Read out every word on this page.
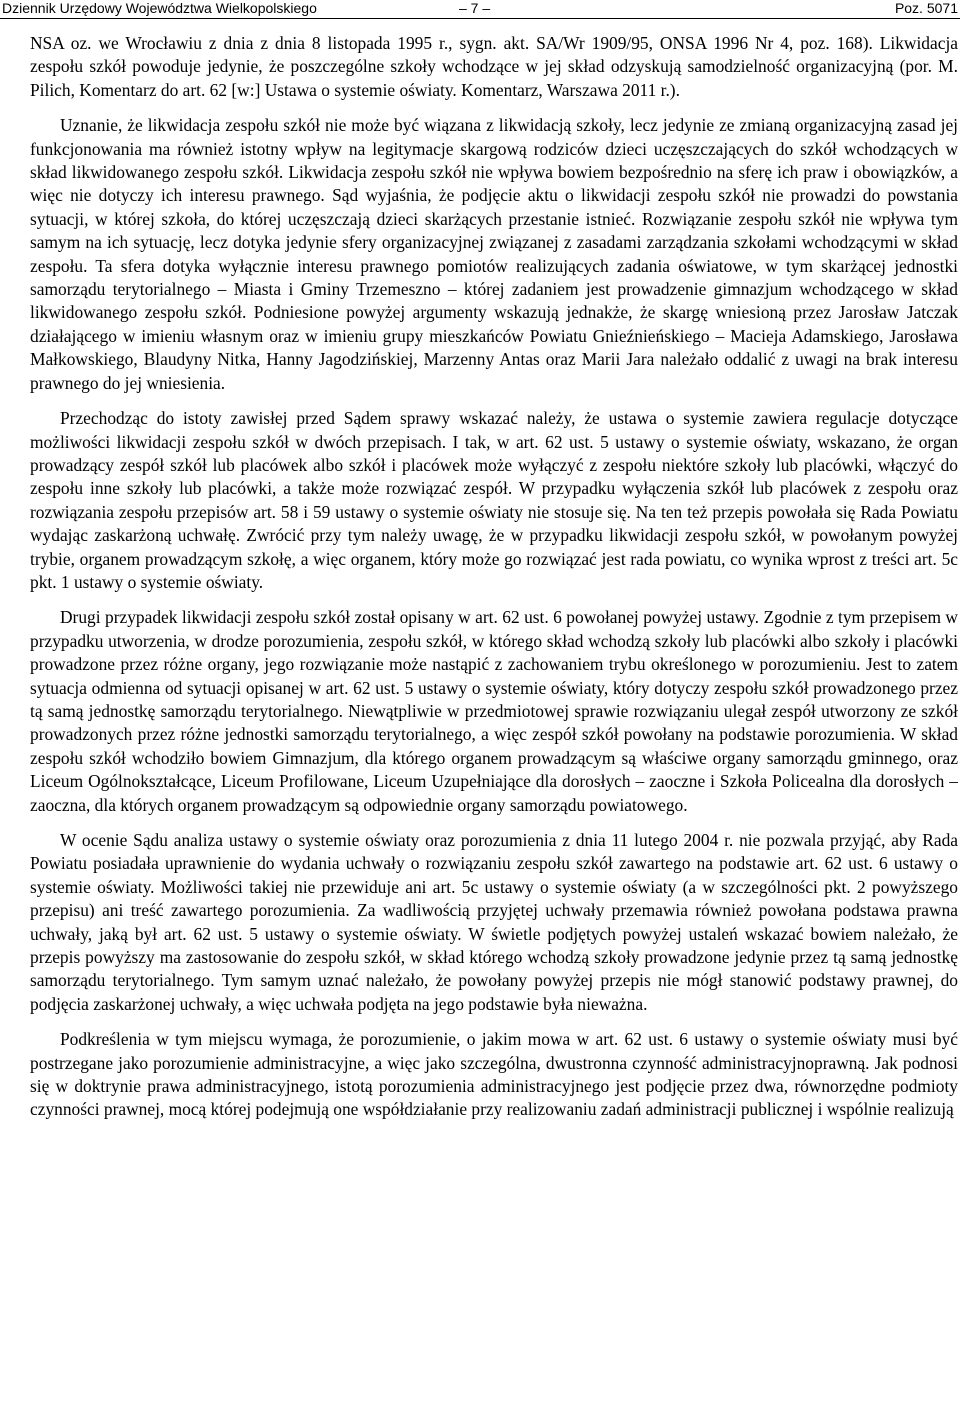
Dziennik Urzędowy Województwa Wielkopolskiego	– 7 –	Poz. 5071

NSA oz. we Wrocławiu z dnia z dnia 8 listopada 1995 r., sygn. akt. SA/Wr 1909/95, ONSA 1996 Nr 4, poz. 168). Likwidacja zespołu szkół powoduje jedynie, że poszczególne szkoły wchodzące w jej skład odzyskują samodzielność organizacyjną (por. M. Pilich, Komentarz do art. 62 [w:] Ustawa o systemie oświaty. Komentarz, Warszawa 2011 r.).

Uznanie, że likwidacja zespołu szkół nie może być wiązana z likwidacją szkoły, lecz jedynie ze zmianą organizacyjną zasad jej funkcjonowania ma również istotny wpływ na legitymacje skargową rodziców dzieci uczęszczających do szkół wchodzących w skład likwidowanego zespołu szkół. Likwidacja zespołu szkół nie wpływa bowiem bezpośrednio na sferę ich praw i obowiązków, a więc nie dotyczy ich interesu prawnego. Sąd wyjaśnia, że podjęcie aktu o likwidacji zespołu szkół nie prowadzi do powstania sytuacji, w której szkoła, do której uczęszczają dzieci skarżących przestanie istnieć. Rozwiązanie zespołu szkół nie wpływa tym samym na ich sytuację, lecz dotyka jedynie sfery organizacyjnej związanej z zasadami zarządzania szkołami wchodzącymi w skład zespołu. Ta sfera dotyka wyłącznie interesu prawnego pomiotów realizujących zadania oświatowe, w tym skarżącej jednostki samorządu terytorialnego – Miasta i Gminy Trzemeszno – której zadaniem jest prowadzenie gimnazjum wchodzącego w skład likwidowanego zespołu szkół. Podniesione powyżej argumenty wskazują jednakże, że skargę wniesioną przez Jarosław Jatczak działającego w imieniu własnym oraz w imieniu grupy mieszkańców Powiatu Gnieźnieńskiego – Macieja Adamskiego, Jarosława Małkowskiego, Blaudyny Nitka, Hanny Jagodzińskiej, Marzenny Antas oraz Marii Jara należało oddalić z uwagi na brak interesu prawnego do jej wniesienia.

Przechodząc do istoty zawisłej przed Sądem sprawy wskazać należy, że ustawa o systemie zawiera regulacje dotyczące możliwości likwidacji zespołu szkół w dwóch przepisach. I tak, w art. 62 ust. 5 ustawy o systemie oświaty, wskazano, że organ prowadzący zespół szkół lub placówek albo szkół i placówek może wyłączyć z zespołu niektóre szkoły lub placówki, włączyć do zespołu inne szkoły lub placówki, a także może rozwiązać zespół. W przypadku wyłączenia szkół lub placówek z zespołu oraz rozwiązania zespołu przepisów art. 58 i 59 ustawy o systemie oświaty nie stosuje się. Na ten też przepis powołała się Rada Powiatu wydając zaskarżoną uchwałę. Zwrócić przy tym należy uwagę, że w przypadku likwidacji zespołu szkół, w powołanym powyżej trybie, organem prowadzącym szkołę, a więc organem, który może go rozwiązać jest rada powiatu, co wynika wprost z treści art. 5c pkt. 1 ustawy o systemie oświaty.

Drugi przypadek likwidacji zespołu szkół został opisany w art. 62 ust. 6 powołanej powyżej ustawy. Zgodnie z tym przepisem w przypadku utworzenia, w drodze porozumienia, zespołu szkół, w którego skład wchodzą szkoły lub placówki albo szkoły i placówki prowadzone przez różne organy, jego rozwiązanie może nastąpić z zachowaniem trybu określonego w porozumieniu. Jest to zatem sytuacja odmienna od sytuacji opisanej w art. 62 ust. 5 ustawy o systemie oświaty, który dotyczy zespołu szkół prowadzonego przez tą samą jednostkę samorządu terytorialnego. Niewątpliwie w przedmiotowej sprawie rozwiązaniu ulegał zespół utworzony ze szkół prowadzonych przez różne jednostki samorządu terytorialnego, a więc zespół szkół powołany na podstawie porozumienia. W skład zespołu szkół wchodziło bowiem Gimnazjum, dla którego organem prowadzącym są właściwe organy samorządu gminnego, oraz Liceum Ogólnokształcące, Liceum Profilowane, Liceum Uzupełniające dla dorosłych – zaoczne i Szkoła Policealna dla dorosłych – zaoczna, dla których organem prowadzącym są odpowiednie organy samorządu powiatowego.

W ocenie Sądu analiza ustawy o systemie oświaty oraz porozumienia z dnia 11 lutego 2004 r. nie pozwala przyjąć, aby Rada Powiatu posiadała uprawnienie do wydania uchwały o rozwiązaniu zespołu szkół zawartego na podstawie art. 62 ust. 6 ustawy o systemie oświaty. Możliwości takiej nie przewiduje ani art. 5c ustawy o systemie oświaty (a w szczególności pkt. 2 powyższego przepisu) ani treść zawartego porozumienia. Za wadliwością przyjętej uchwały przemawia również powołana podstawa prawna uchwały, jaką był art. 62 ust. 5 ustawy o systemie oświaty. W świetle podjętych powyżej ustaleń wskazać bowiem należało, że przepis powyższy ma zastosowanie do zespołu szkół, w skład którego wchodzą szkoły prowadzone jedynie przez tą samą jednostkę samorządu terytorialnego. Tym samym uznać należało, że powołany powyżej przepis nie mógł stanowić podstawy prawnej, do podjęcia zaskarżonej uchwały, a więc uchwała podjęta na jego podstawie była nieważna.

Podkreślenia w tym miejscu wymaga, że porozumienie, o jakim mowa w art. 62 ust. 6 ustawy o systemie oświaty musi być postrzegane jako porozumienie administracyjne, a więc jako szczególna, dwustronna czynność administracyjnoprawną. Jak podnosi się w doktrynie prawa administracyjnego, istotą porozumienia administracyjnego jest podjęcie przez dwa, równorzędne podmioty czynności prawnej, mocą której podejmują one współdziałanie przy realizowaniu zadań administracji publicznej i wspólnie realizują
